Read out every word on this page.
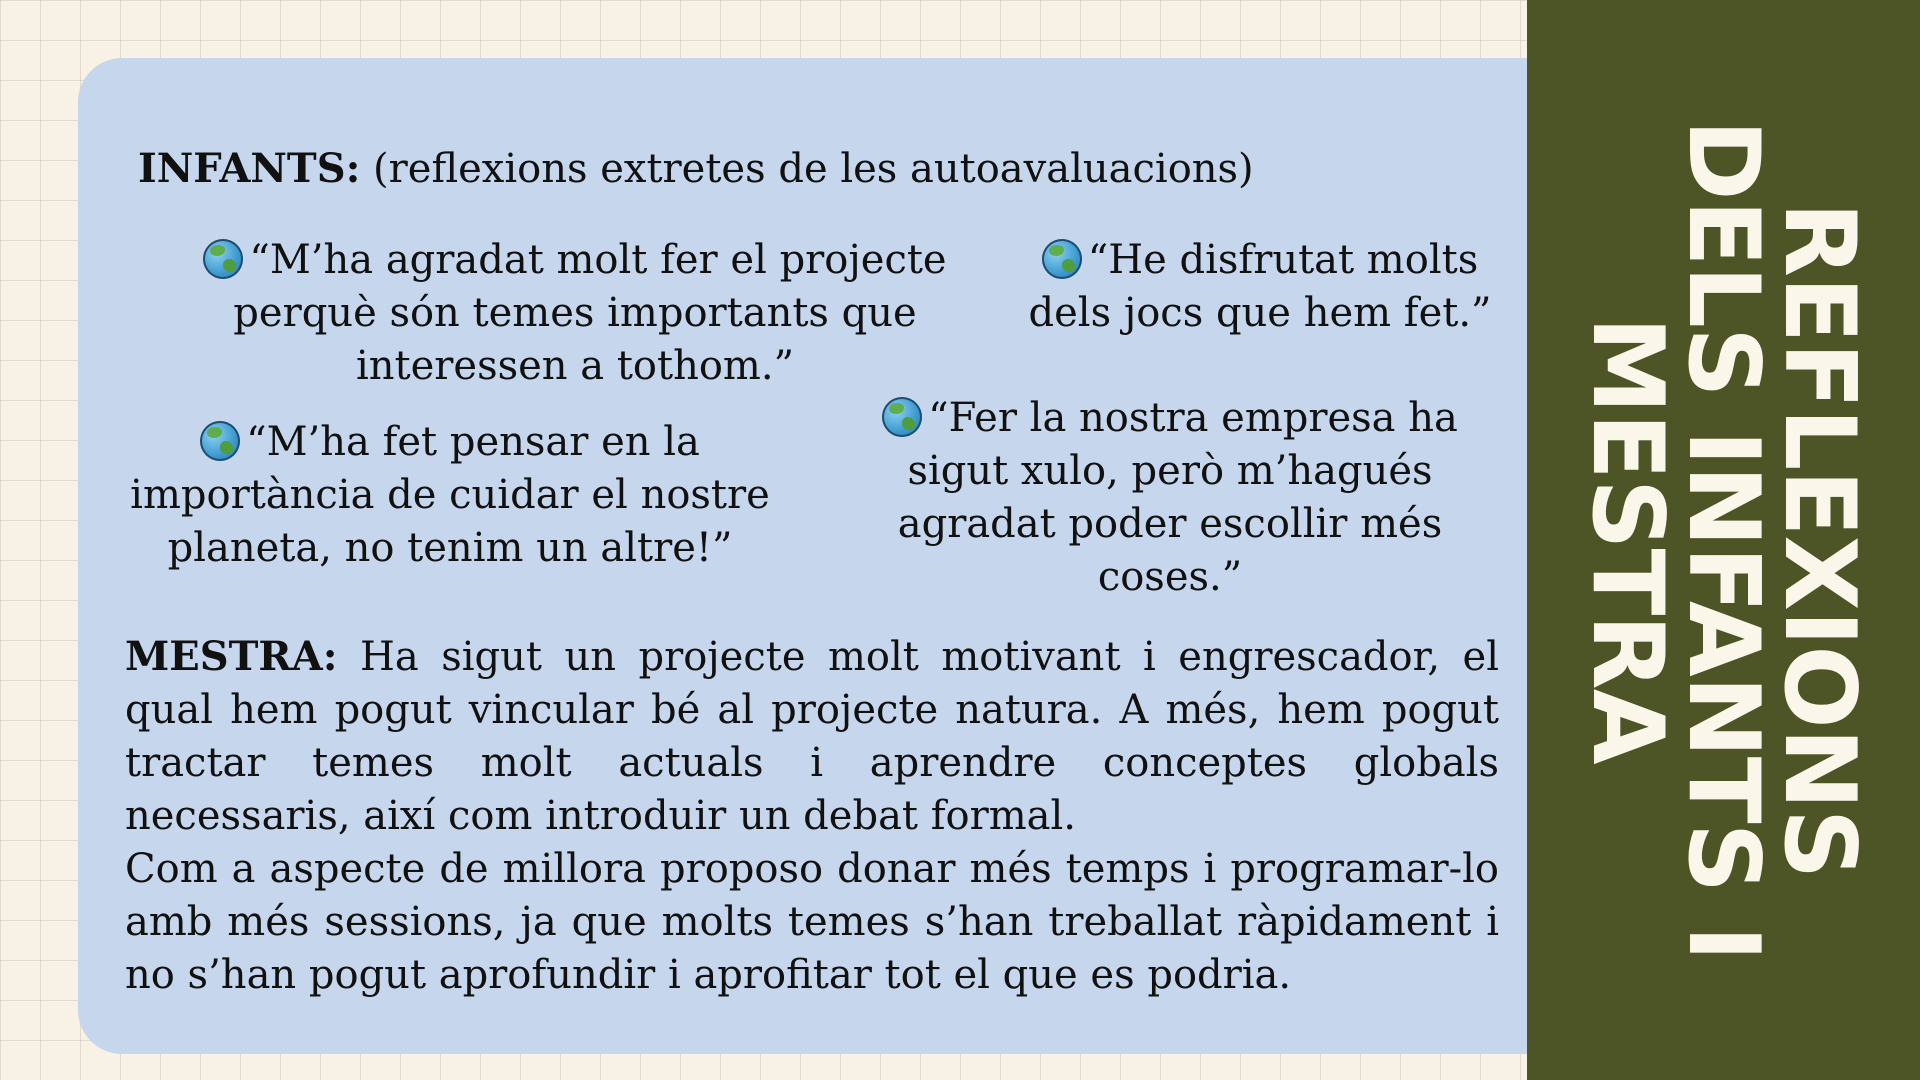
REFLEXIONS
DELS INFANTS I
MESTRA
INFANTS: (reflexions extretes de les autoavaluacions)
“M’ha agradat molt fer el projecte perquè són temes importants que interessen a tothom.”
“He disfrutat molts dels jocs que hem fet.”
“M’ha fet pensar en la importància de cuidar el nostre planeta, no tenim un altre!”
“Fer la nostra empresa ha sigut xulo, però m’hagués agradat poder escollir més coses.”

MESTRA: Ha sigut un projecte molt motivant i engrescador, el qual hem pogut vincular bé al projecte natura. A més, hem pogut tractar temes molt actuals i aprendre conceptes globals necessaris, així com introduir un debat formal.

Com a aspecte de millora proposo donar més temps i programar-lo amb més sessions, ja que molts temes s’han treballat ràpidament i no s’han pogut aprofundir i aprofitar tot el que es podria.
